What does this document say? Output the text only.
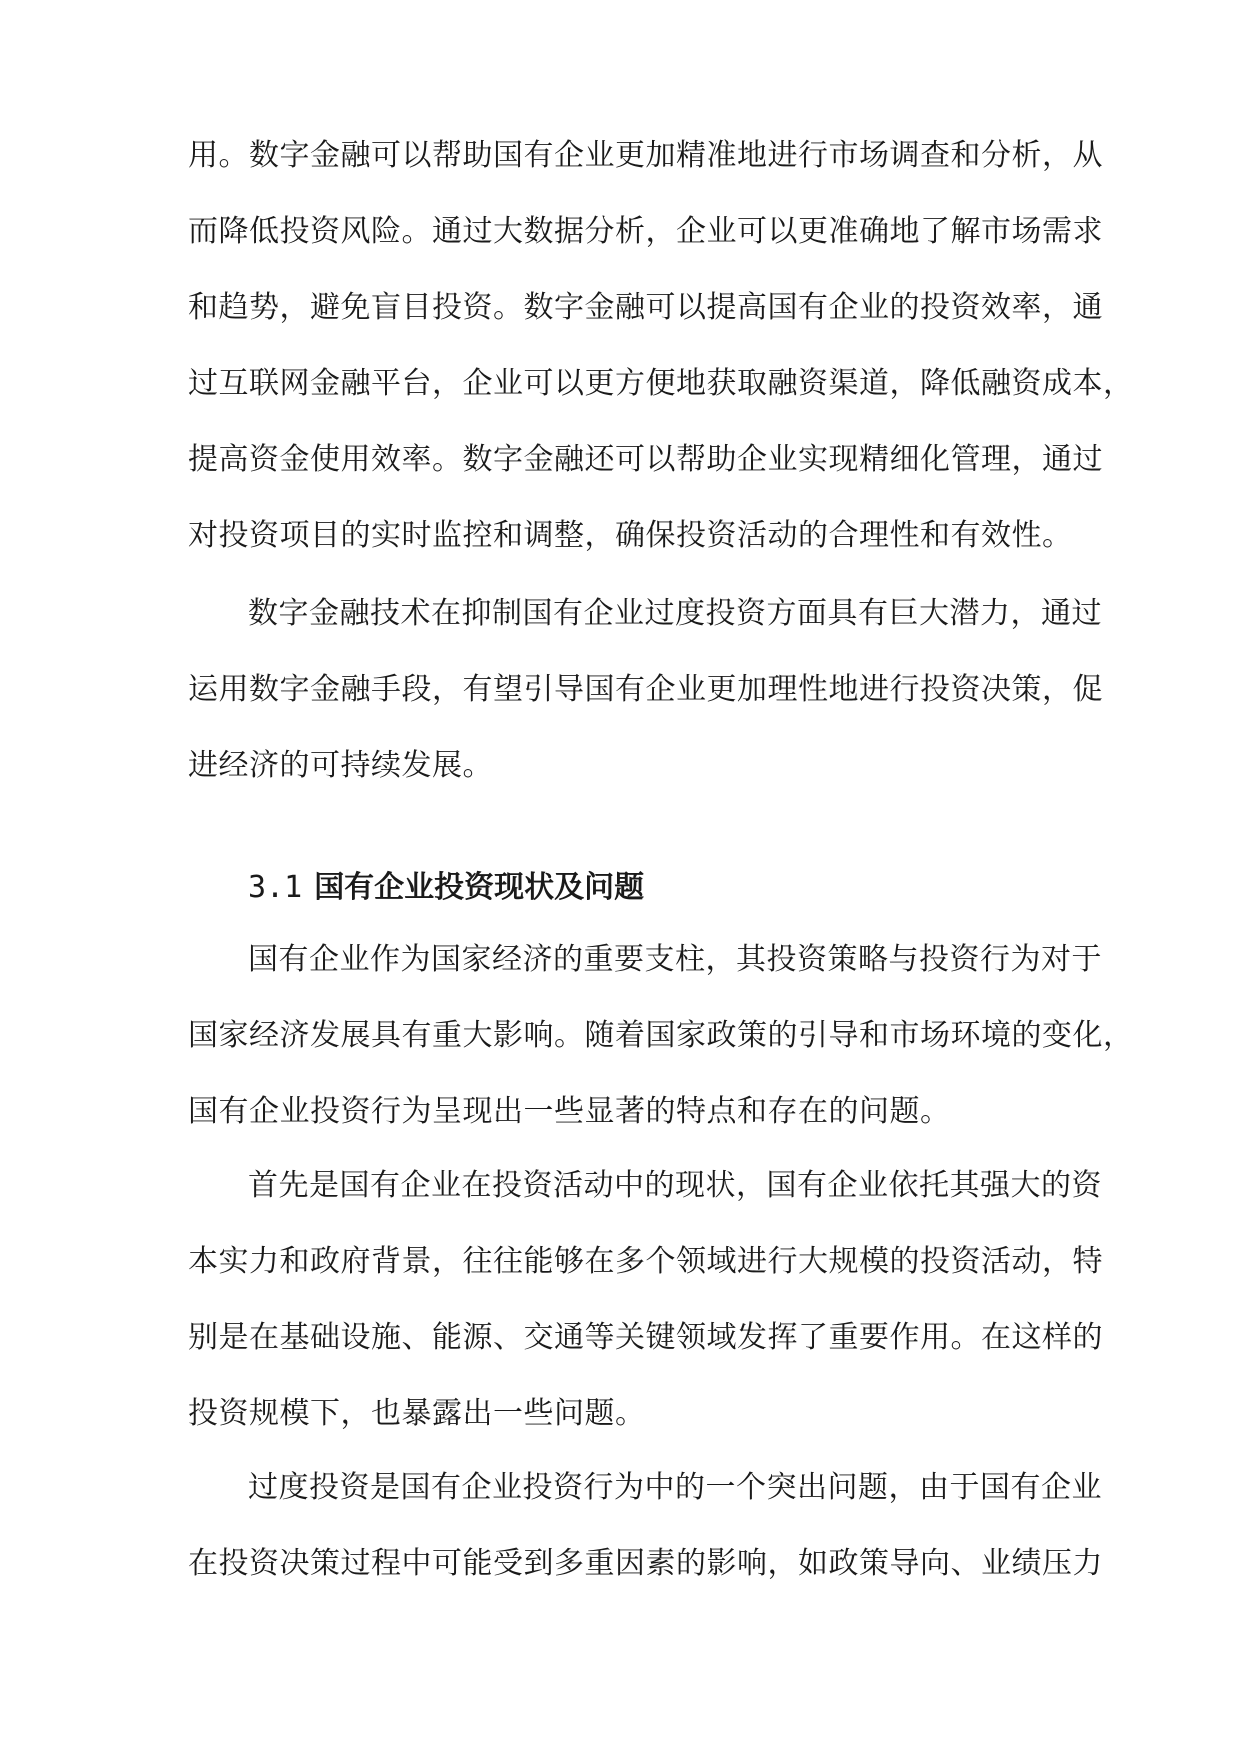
用。数字金融可以帮助国有企业更加精准地进行市场调查和分析，从
而降低投资风险。通过大数据分析，企业可以更准确地了解市场需求
和趋势，避免盲目投资。数字金融可以提高国有企业的投资效率，通
过互联网金融平台，企业可以更方便地获取融资渠道，降低融资成本，
提高资金使用效率。数字金融还可以帮助企业实现精细化管理，通过
对投资项目的实时监控和调整，确保投资活动的合理性和有效性。
数字金融技术在抑制国有企业过度投资方面具有巨大潜力，通过
运用数字金融手段，有望引导国有企业更加理性地进行投资决策，促
进经济的可持续发展。
3.1 国有企业投资现状及问题
国有企业作为国家经济的重要支柱，其投资策略与投资行为对于
国家经济发展具有重大影响。随着国家政策的引导和市场环境的变化，
国有企业投资行为呈现出一些显著的特点和存在的问题。
首先是国有企业在投资活动中的现状，国有企业依托其强大的资
本实力和政府背景，往往能够在多个领域进行大规模的投资活动，特
别是在基础设施、能源、交通等关键领域发挥了重要作用。在这样的
投资规模下，也暴露出一些问题。
过度投资是国有企业投资行为中的一个突出问题，由于国有企业
在投资决策过程中可能受到多重因素的影响，如政策导向、业绩压力
